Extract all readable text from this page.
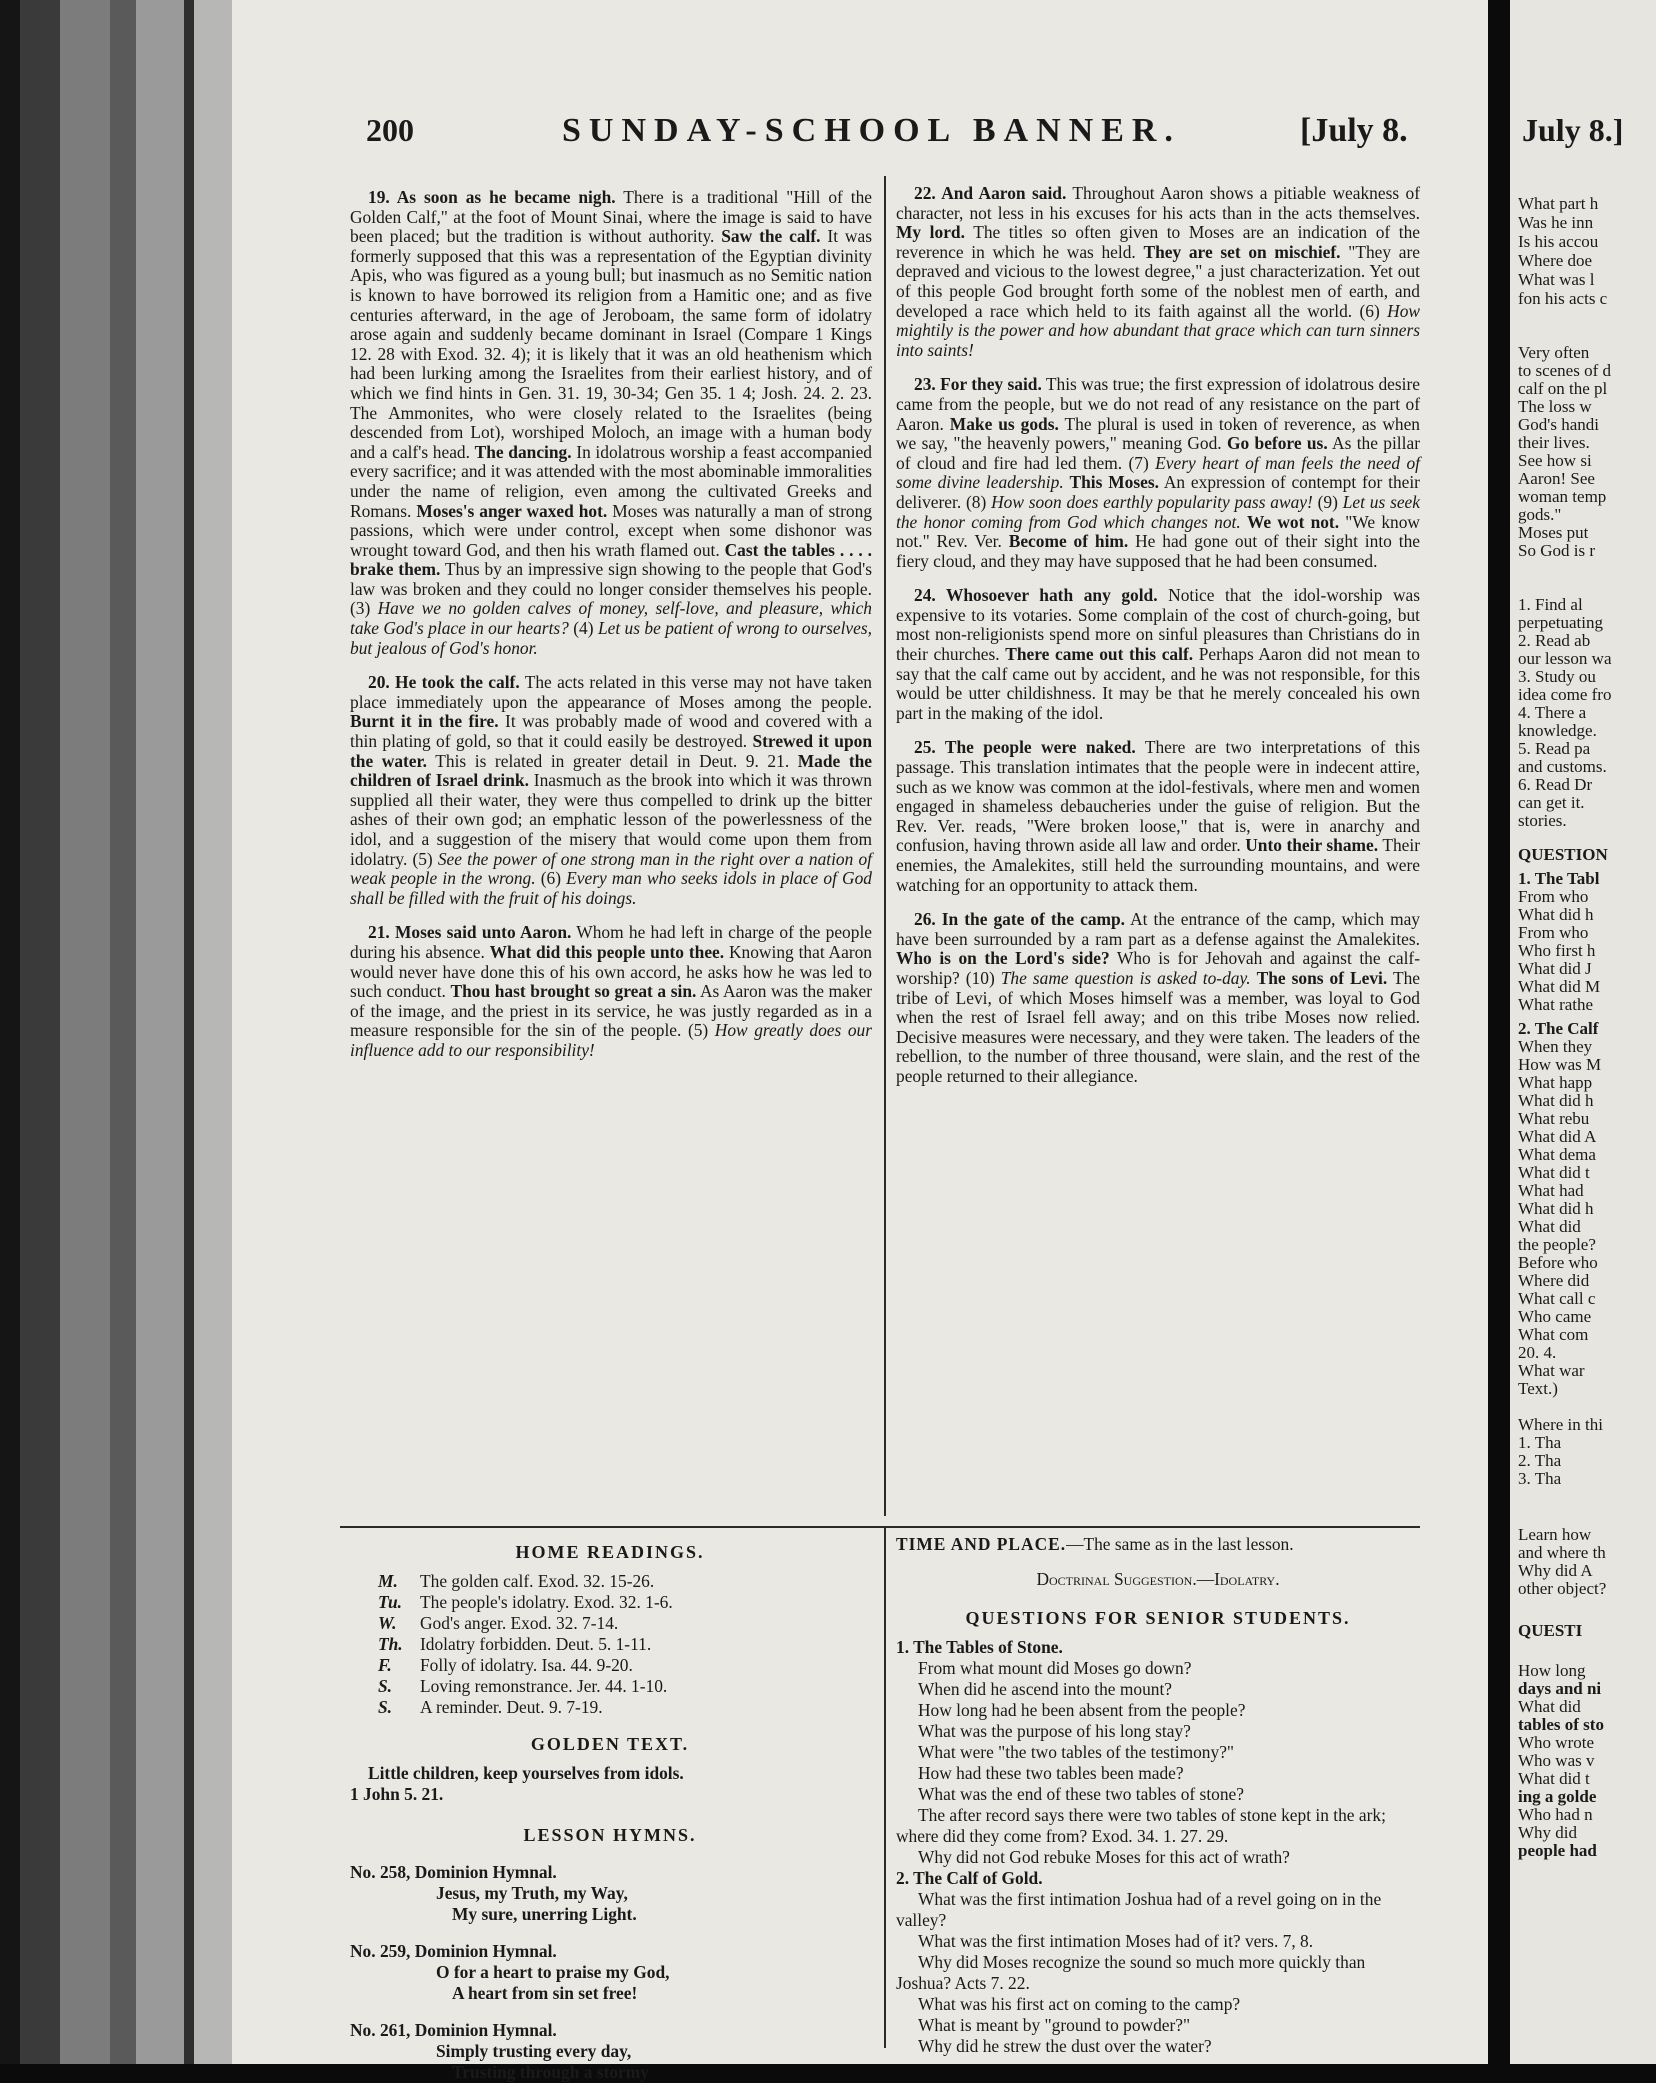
200	SUNDAY-SCHOOL BANNER.	[July 8.

19. As soon as he became nigh. There is a traditional "Hill of the Golden Calf," at the foot of Mount Sinai, where the image is said to have been placed; but the tradition is without authority. Saw the calf. It was formerly supposed that this was a representation of the Egyptian divinity Apis, who was figured as a young bull; but inasmuch as no Semitic nation is known to have borrowed its religion from a Hamitic one; and as five centuries afterward, in the age of Jeroboam, the same form of idolatry arose again and suddenly became dominant in Israel (Compare 1 Kings 12. 28 with Exod. 32. 4); it is likely that it was an old heathenism which had been lurking among the Israelites from their earliest history, and of which we find hints in Gen. 31. 19, 30-34; Gen 35. 1 4; Josh. 24. 2. 23. The Ammonites, who were closely related to the Israelites (being descended from Lot), worshiped Moloch, an image with a human body and a calf's head. The dancing. In idolatrous worship a feast accompanied every sacrifice; and it was attended with the most abominable immoralities under the name of religion, even among the cultivated Greeks and Romans. Moses's anger waxed hot. Moses was naturally a man of strong passions, which were under control, except when some dishonor was wrought toward God, and then his wrath flamed out. Cast the tables . . . . brake them. Thus by an impressive sign showing to the people that God's law was broken and they could no longer consider themselves his people. (3) Have we no golden calves of money, self-love, and pleasure, which take God's place in our hearts? (4) Let us be patient of wrong to ourselves, but jealous of God's honor.

20. He took the calf. The acts related in this verse may not have taken place immediately upon the appearance of Moses among the people. Burnt it in the fire. It was probably made of wood and covered with a thin plating of gold, so that it could easily be destroyed. Strewed it upon the water. This is related in greater detail in Deut. 9. 21. Made the children of Israel drink. Inasmuch as the brook into which it was thrown supplied all their water, they were thus compelled to drink up the bitter ashes of their own god; an emphatic lesson of the powerlessness of the idol, and a suggestion of the misery that would come upon them from idolatry. (5) See the power of one strong man in the right over a nation of weak people in the wrong. (6) Every man who seeks idols in place of God shall be filled with the fruit of his doings.

21. Moses said unto Aaron. Whom he had left in charge of the people during his absence. What did this people unto thee. Knowing that Aaron would never have done this of his own accord, he asks how he was led to such conduct. Thou hast brought so great a sin. As Aaron was the maker of the image, and the priest in its service, he was justly regarded as in a measure responsible for the sin of the people. (5) How greatly does our influence add to our responsibility!

22. And Aaron said. Throughout Aaron shows a pitiable weakness of character, not less in his excuses for his acts than in the acts themselves. My lord. The titles so often given to Moses are an indication of the reverence in which he was held. They are set on mischief. "They are depraved and vicious to the lowest degree," a just characterization. Yet out of this people God brought forth some of the noblest men of earth, and developed a race which held to its faith against all the world. (6) How mightily is the power and how abundant that grace which can turn sinners into saints!

23. For they said. This was true; the first expression of idolatrous desire came from the people, but we do not read of any resistance on the part of Aaron. Make us gods. The plural is used in token of reverence, as when we say, "the heavenly powers," meaning God. Go before us. As the pillar of cloud and fire had led them. (7) Every heart of man feels the need of some divine leadership. This Moses. An expression of contempt for their deliverer. (8) How soon does earthly popularity pass away! (9) Let us seek the honor coming from God which changes not. We wot not. "We know not." Rev. Ver. Become of him. He had gone out of their sight into the fiery cloud, and they may have supposed that he had been consumed.

24. Whosoever hath any gold. Notice that the idol-worship was expensive to its votaries. Some complain of the cost of church-going, but most non-religionists spend more on sinful pleasures than Christians do in their churches. There came out this calf. Perhaps Aaron did not mean to say that the calf came out by accident, and he was not responsible, for this would be utter childishness. It may be that he merely concealed his own part in the making of the idol.

25. The people were naked. There are two interpretations of this passage. This translation intimates that the people were in indecent attire, such as we know was common at the idol-festivals, where men and women engaged in shameless debaucheries under the guise of religion. But the Rev. Ver. reads, "Were broken loose," that is, were in anarchy and confusion, having thrown aside all law and order. Unto their shame. Their enemies, the Amalekites, still held the surrounding mountains, and were watching for an opportunity to attack them.

26. In the gate of the camp. At the entrance of the camp, which may have been surrounded by a ram part as a defense against the Amalekites. Who is on the Lord's side? Who is for Jehovah and against the calf-worship? (10) The same question is asked to-day. The sons of Levi. The tribe of Levi, of which Moses himself was a member, was loyal to God when the rest of Israel fell away; and on this tribe Moses now relied. Decisive measures were necessary, and they were taken. The leaders of the rebellion, to the number of three thousand, were slain, and the rest of the people returned to their allegiance.

HOME READINGS.
M.	The golden calf. Exod. 32. 15-26.
Tu.	The people's idolatry. Exod. 32. 1-6.
W.	God's anger. Exod. 32. 7-14.
Th. Idolatry forbidden. Deut. 5. 1-11.
F.	Folly of idolatry. Isa. 44. 9-20.
S.	Loving remonstrance. Jer. 44. 1-10.
S.	A reminder. Deut. 9. 7-19.
GOLDEN TEXT.
Little children, keep yourselves from idols.
1 John 5. 21.
LESSON HYMNS.
No. 258, Dominion Hymnal.
Jesus, my Truth, my Way,
My sure, unerring Light.
No. 259, Dominion Hymnal.
O for a heart to praise my God,
A heart from sin set free!
No. 261, Dominion Hymnal.
Simply trusting every day,
Trusting through a stormy
TIME AND PLACE.—The same as in the last lesson.
Doctrinal Suggestion.—Idolatry.
QUESTIONS FOR SENIOR STUDENTS.
1. The Tables of Stone.
From what mount did Moses go down?
When did he ascend into the mount?
How long had he been absent from the people?
What was the purpose of his long stay?
What were "the two tables of the testimony?"
How had these two tables been made?
What was the end of these two tables of stone?
The after record says there were two tables of stone kept in the ark; where did they come from? Exod. 34. 1. 27. 29.
Why did not God rebuke Moses for this act of wrath?
2. The Calf of Gold.
What was the first intimation Joshua had of a revel going on in the valley?
What was the first intimation Moses had of it? vers. 7, 8.
Why did Moses recognize the sound so much more quickly than Joshua? Acts 7. 22.
What was his first act on coming to the camp?
What is meant by "ground to powder?"
Why did he strew the dust over the water?
July 8.]
What part h
Was he inn
Is his accou
Where doe
What was l
fon his acts c
Very often
to scenes of d
calf on the pl
The loss w
God's handi
their lives.
See how si
Aaron! See
woman temp
gods."
Moses put
So God is r
1. Find al
perpetuating
2. Read ab
our lesson wa
3. Study ou
idea come fro
4. There a
knowledge.
5. Read pa
and customs.
6. Read Dr
can get it.
stories.
QUESTION
1. The Tabl
From who
What did h
From who
Who first h
What did J
What did M
What rathe
2. The Calf
When they
How was M
What happ
What did h
What rebu
What did A
What dema
What did t
What had
What did h
What did
the people?
Before who
Where did
What call c
Who came
What com
20. 4.
What war
Text.)
Where in thi
1. Tha
2. Tha
3. Tha
Learn how
and where th
Why did A
other object?
QUESTI
How long
days and ni
What did
tables of sto
Who wrote
Who was v
What did t
ing a golde
Who had n
Why did
people had
